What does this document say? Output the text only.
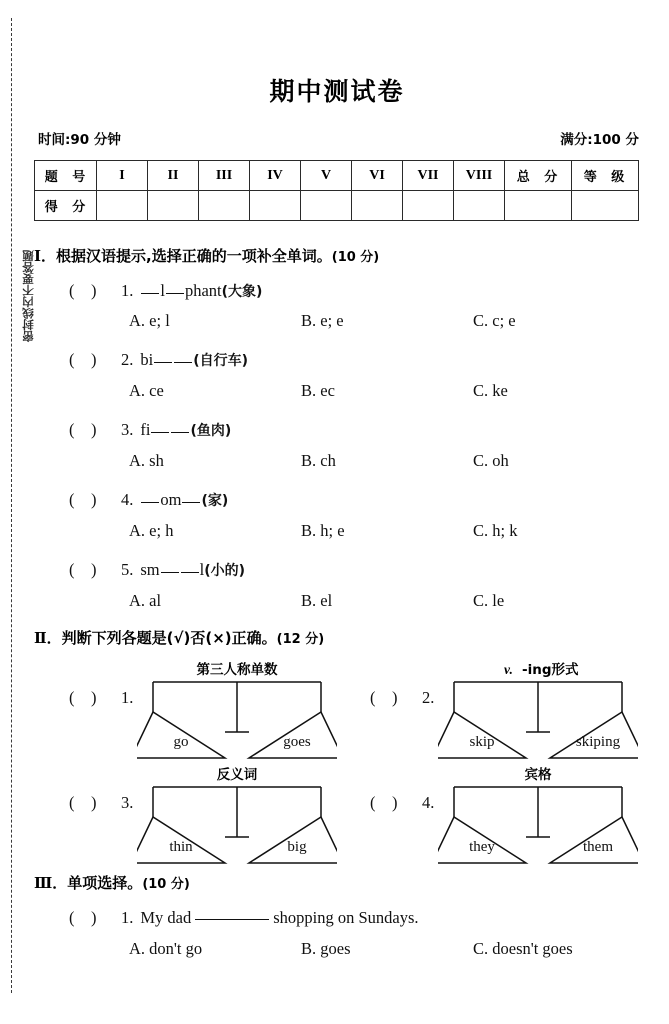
密封线内不要答题
期中测试卷
时间:90 分钟	满分:100 分
题 号	I	II	III	IV	V	VI	VII	VIII	总 分	等 级
得 分										
Ⅰ．根据汉语提示,选择正确的一项补全单词。(10 分)
(    ) 1. l phant(大象)
A. e; l	B. e; e	C. c; e
(    ) 2. bi	(自行车)
A. ce	B. ec	C. ke
(    ) 3. fi	(鱼肉)
A. sh	B. ch	C. oh
(    ) 4. om (家)
A. e; h	B. h; e	C. h; k
(    ) 5. sm l(小的)
A. al	B. el	C. le
Ⅱ．判断下列各题是(√)否(×)正确。(12 分)
(    ) 1.
第三人称单数
go	goes
(    ) 2.
v. -ing形式
skip	skiping
(    ) 3.
反义词
thin	big
(    ) 4.
宾格
they	them
Ⅲ．单项选择。(10 分)
(    ) 1. My dad	shopping on Sundays.
A. don't go	B. goes	C. doesn't goes
